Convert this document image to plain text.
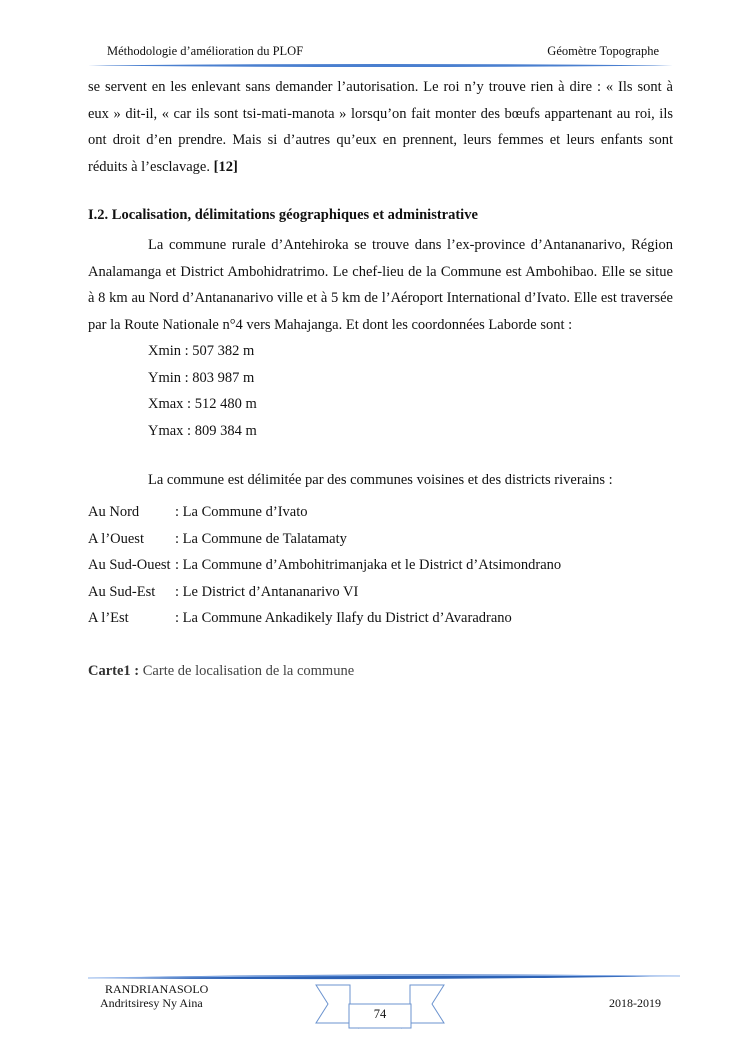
Méthodologie d’amélioration du PLOF	Géomètre Topographe
se servent en les enlevant sans demander l’autorisation. Le roi n’y trouve rien à dire : « Ils sont à eux » dit-il, « car ils sont tsi-mati-manota » lorsqu’on fait monter des bœufs appartenant au roi, ils ont droit d’en prendre. Mais si d’autres qu’eux en prennent, leurs femmes et leurs enfants sont réduits à l’esclavage. [12]
I.2. Localisation, délimitations géographiques et administrative
La commune rurale d’Antehiroka se trouve dans l’ex-province d’Antananarivo, Région Analamanga et District Ambohidratrimo. Le chef-lieu de la Commune est Ambohibao. Elle se situe à 8 km au Nord d’Antananarivo ville et à 5 km de l’Aéroport International d’Ivato. Elle est traversée par la Route Nationale n°4 vers Mahajanga. Et dont les coordonnées Laborde sont :
Xmin : 507 382 m
Ymin : 803 987 m
Xmax : 512 480 m
Ymax : 809 384 m
La commune est délimitée par des communes voisines et des districts riverains :
Au Nord	: La Commune d’Ivato
A l’Ouest	: La Commune de Talatamaty
Au Sud-Ouest : La Commune d’Ambohitrimanjaka et le District d’Atsimondrano
Au Sud-Est	: Le District d’Antananarivo VI
A l’Est	: La Commune Ankadikely Ilafy du District d’Avaradrano
Carte1 : Carte de localisation de la commune
RANDRIANASOLO
Andritsiresy Ny Aina
74
2018-2019
